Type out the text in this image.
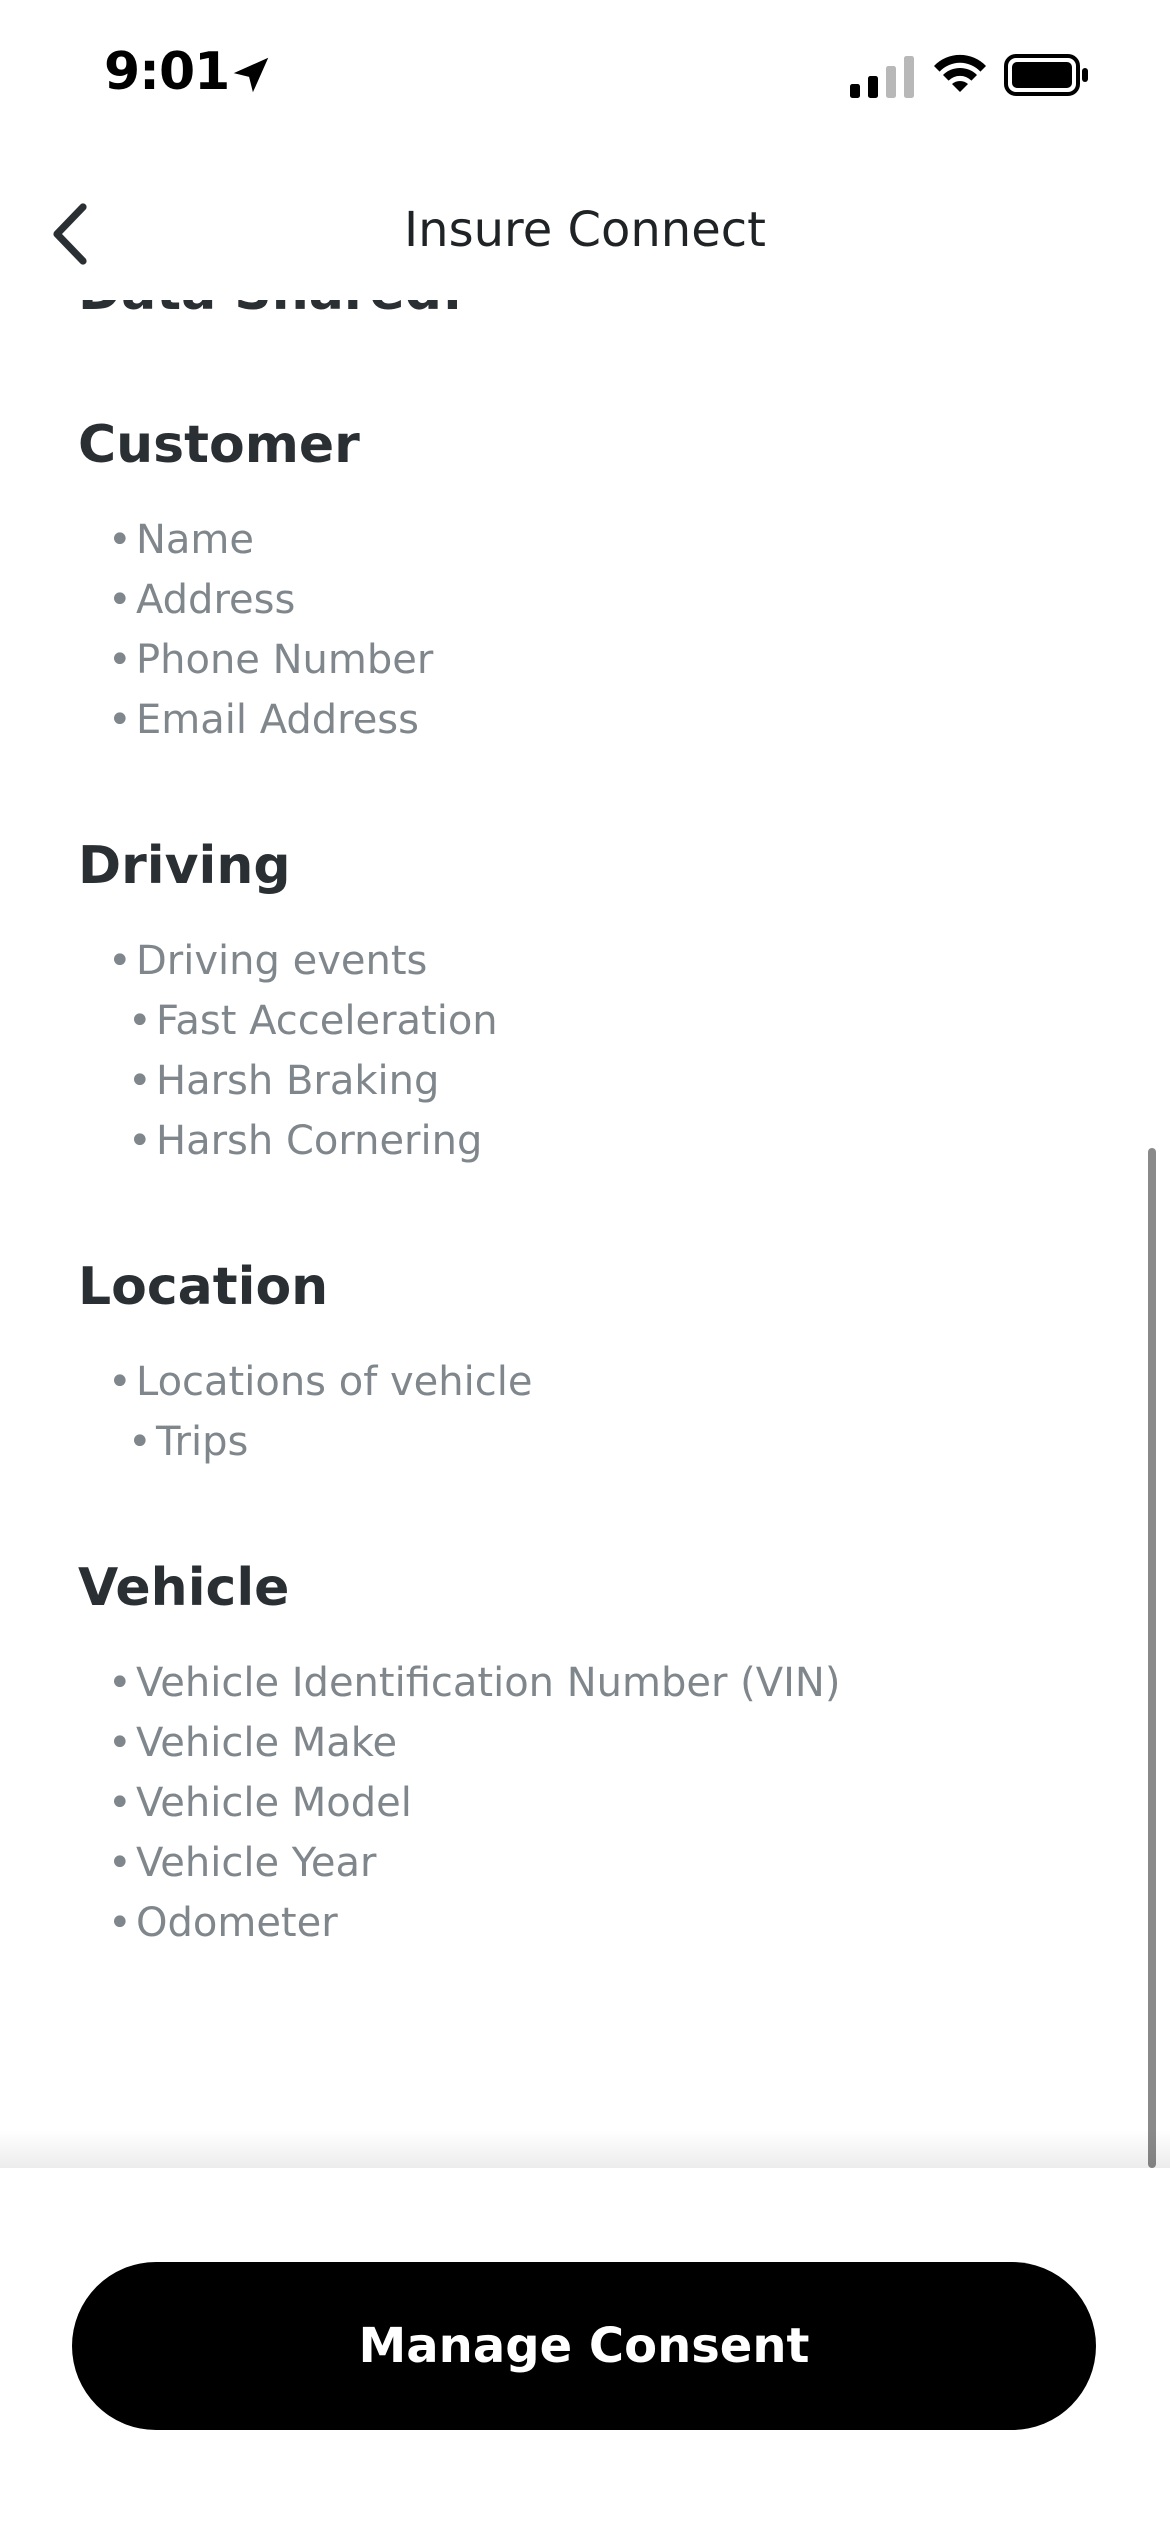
9:01
Customer
• Name
• Address
• Phone Number
• Email Address
Driving
• Driving events
• Fast Acceleration
• Harsh Braking
• Harsh Cornering
Location
• Locations of vehicle
• Trips
Vehicle
• Vehicle Identification Number (VIN)
• Vehicle Make
• Vehicle Model
• Vehicle Year
• Odometer
Insure Connect
Manage Consent
